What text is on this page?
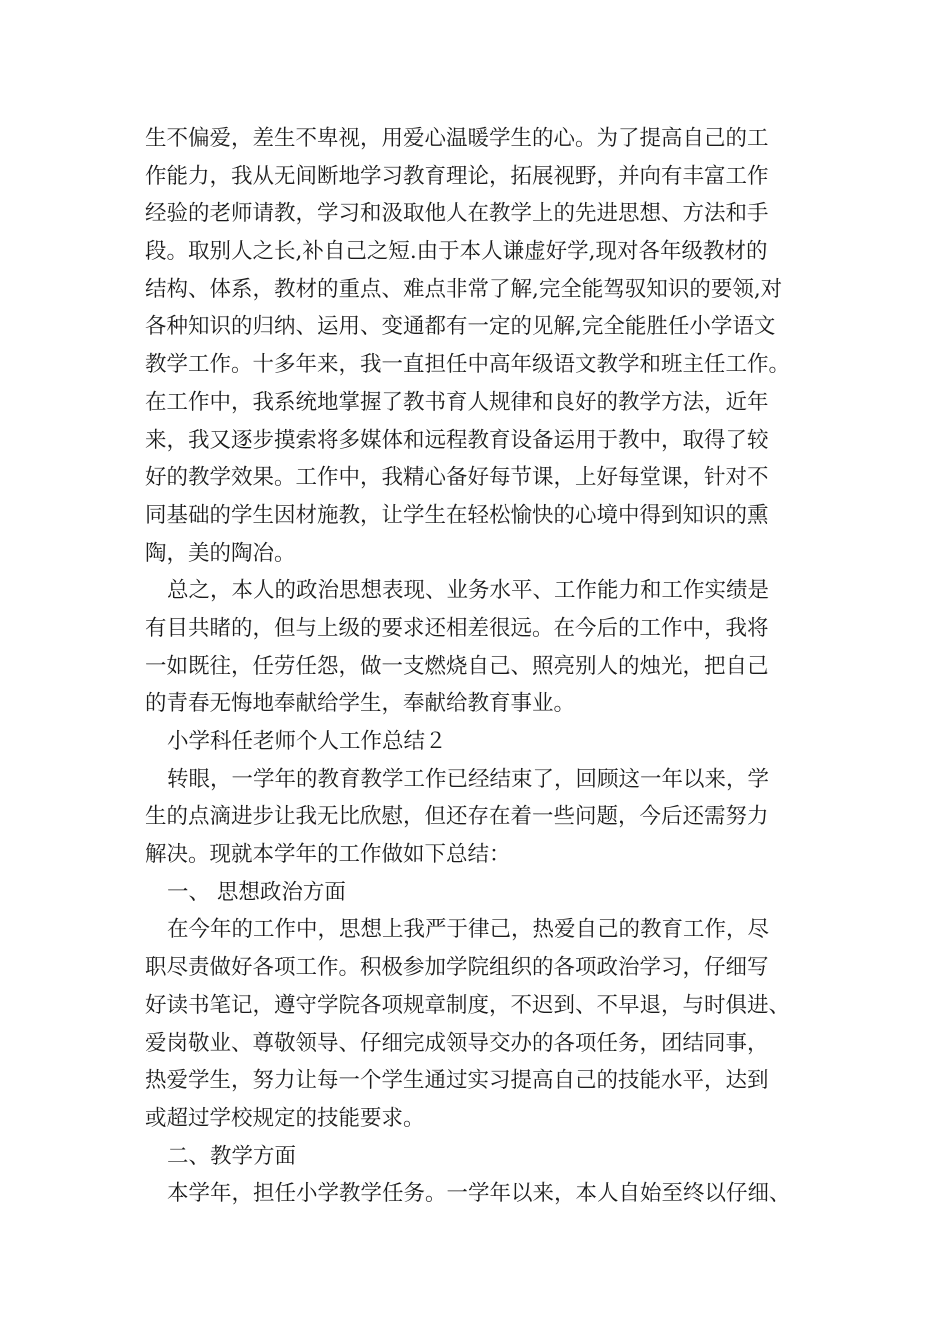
生不偏爱，差生不卑视，用爱心温暖学生的心。为了提高自己的工
作能力，我从无间断地学习教育理论，拓展视野，并向有丰富工作
经验的老师请教，学习和汲取他人在教学上的先进思想、方法和手
段。取别人之长,补自己之短.由于本人谦虚好学,现对各年级教材的
结构、体系，教材的重点、难点非常了解,完全能驾驭知识的要领,对
各种知识的归纳、运用、变通都有一定的见解,完全能胜任小学语文
教学工作。十多年来，我一直担任中高年级语文教学和班主任工作。
在工作中，我系统地掌握了教书育人规律和良好的教学方法，近年
来，我又逐步摸索将多媒体和远程教育设备运用于教中，取得了较
好的教学效果。工作中，我精心备好每节课，上好每堂课，针对不
同基础的学生因材施教，让学生在轻松愉快的心境中得到知识的熏
陶，美的陶冶。
总之，本人的政治思想表现、业务水平、工作能力和工作实绩是
有目共睹的，但与上级的要求还相差很远。在今后的工作中，我将
一如既往，任劳任怨，做一支燃烧自己、照亮别人的烛光，把自己
的青春无悔地奉献给学生，奉献给教育事业。
小学科任老师个人工作总结２
转眼，一学年的教育教学工作已经结束了，回顾这一年以来，学
生的点滴进步让我无比欣慰，但还存在着一些问题，今后还需努力
解决。现就本学年的工作做如下总结：
一、 思想政治方面
在今年的工作中，思想上我严于律己，热爱自己的教育工作，尽
职尽责做好各项工作。积极参加学院组织的各项政治学习，仔细写
好读书笔记，遵守学院各项规章制度，不迟到、不早退，与时俱进、
爱岗敬业、尊敬领导、仔细完成领导交办的各项任务，团结同事，
热爱学生，努力让每一个学生通过实习提高自己的技能水平，达到
或超过学校规定的技能要求。
二、教学方面
本学年，担任小学教学任务。一学年以来，本人自始至终以仔细、
